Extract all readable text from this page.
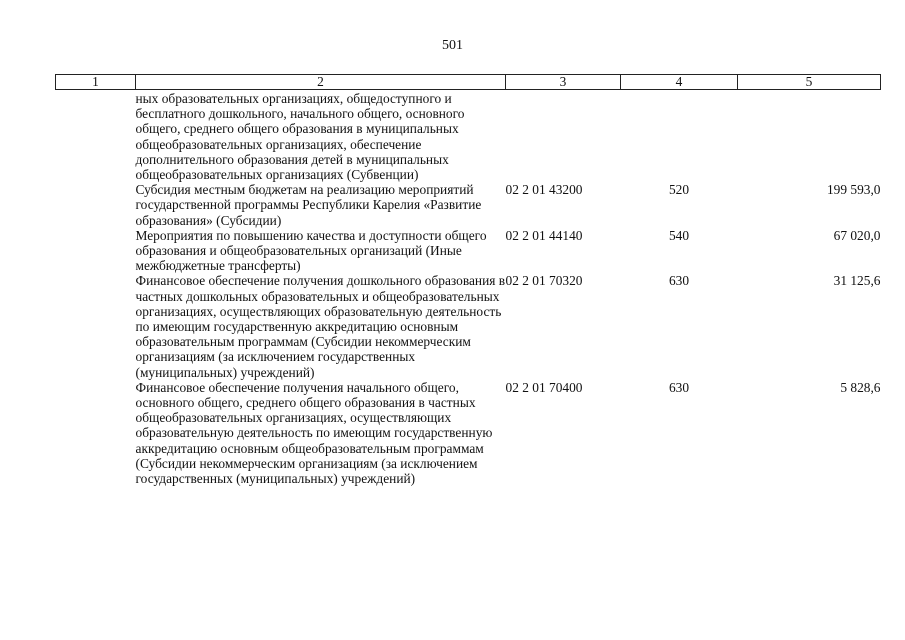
501
1	2	3	4	5
	ных образовательных организациях, общедоступного и бесплатного дошкольного, начального общего, основного общего, среднего общего образования в муниципальных общеобразовательных организациях, обеспечение дополнительного образования детей в муниципальных общеобразовательных организациях (Субвенции)			
	Субсидия местным бюджетам на реализацию мероприятий государственной программы Республики Карелия «Развитие образования» (Субсидии)	02 2 01 43200	520	199 593,0
	Мероприятия по повышению качества и доступности общего образования и общеобразовательных организаций (Иные межбюджетные трансферты)	02 2 01 44140	540	67 020,0
	Финансовое обеспечение получения дошкольного образования в частных дошкольных образовательных и общеобразовательных организациях, осуществляющих образовательную деятельность по имеющим государственную аккредитацию основным образовательным программам (Субсидии некоммерческим организациям (за исключением государственных (муниципальных) учреждений)	02 2 01 70320	630	31 125,6
	Финансовое обеспечение получения начального общего, основного общего, среднего общего образования в частных общеобразовательных организациях, осуществляющих образовательную деятельность по имеющим государственную аккредитацию основным общеобразовательным программам (Субсидии некоммерческим организациям (за исключением государственных (муниципальных) учреждений)	02 2 01 70400	630	5 828,6
